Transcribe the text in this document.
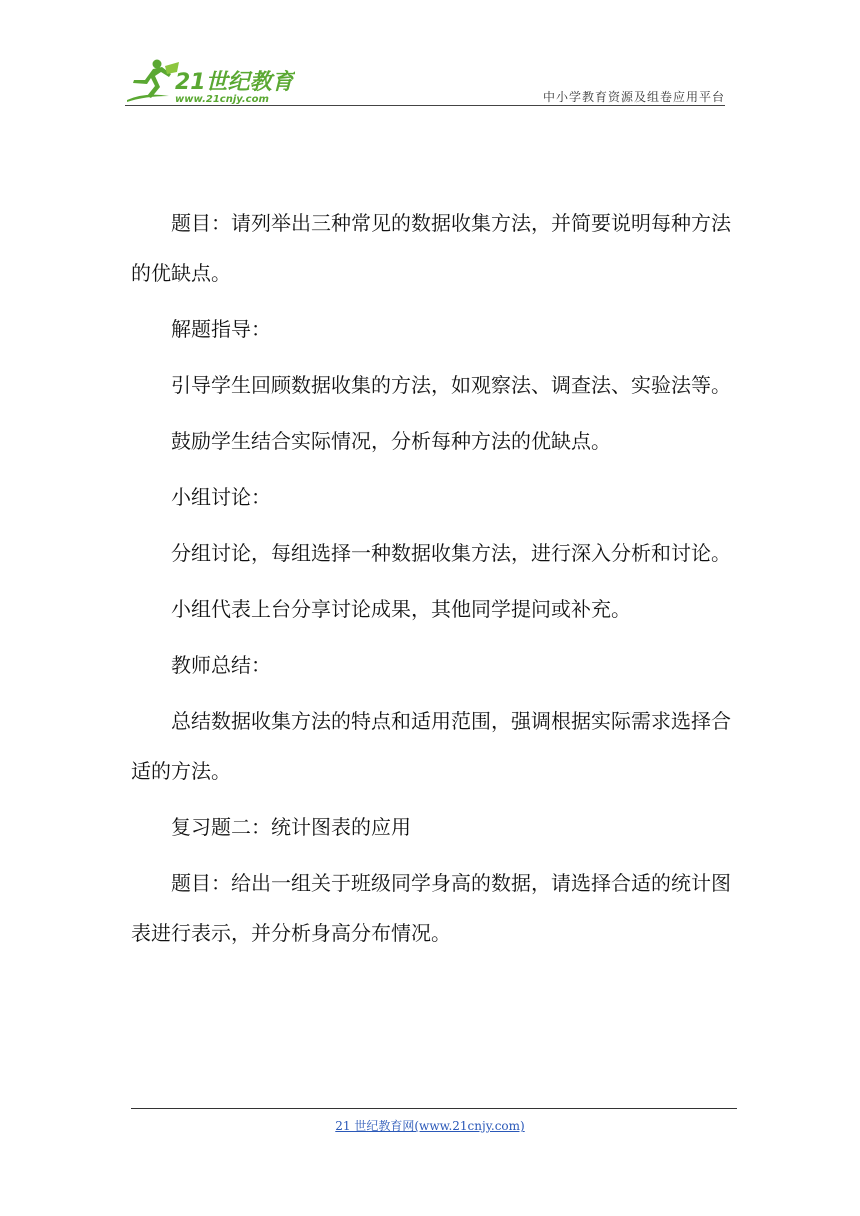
21世纪教育
www.21cnjy.com	中小学教育资源及组卷应用平台

题目：请列举出三种常见的数据收集方法，并简要说明每种方法的优缺点。

解题指导：

引导学生回顾数据收集的方法，如观察法、调查法、实验法等。

鼓励学生结合实际情况，分析每种方法的优缺点。

小组讨论：

分组讨论，每组选择一种数据收集方法，进行深入分析和讨论。

小组代表上台分享讨论成果，其他同学提问或补充。

教师总结：

总结数据收集方法的特点和适用范围，强调根据实际需求选择合适的方法。

复习题二：统计图表的应用

题目：给出一组关于班级同学身高的数据，请选择合适的统计图表进行表示，并分析身高分布情况。

21 世纪教育网(www.21cnjy.com)
